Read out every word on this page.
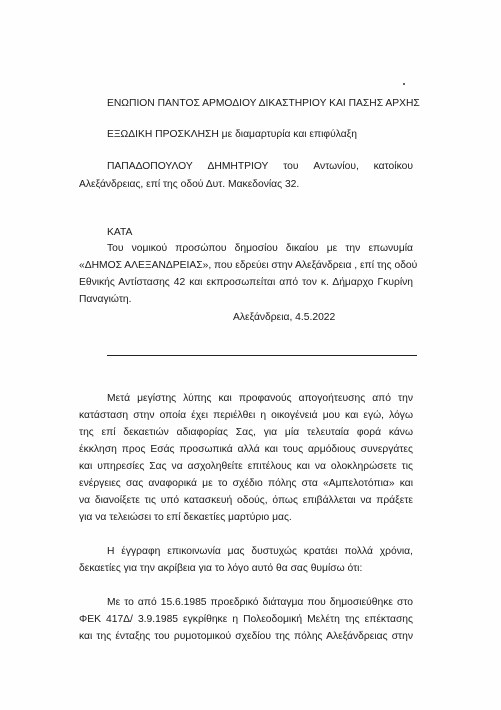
ΕΝΩΠΙΟΝ ΠΑΝΤΟΣ ΑΡΜΟΔΙΟΥ ΔΙΚΑΣΤΗΡΙΟΥ ΚΑΙ ΠΑΣΗΣ ΑΡΧΗΣ
ΕΞΩΔΙΚΗ ΠΡΟΣΚΛΗΣΗ με διαμαρτυρία και επιφύλαξη
ΠΑΠΑΔΟΠΟΥΛΟΥ ΔΗΜΗΤΡΙΟΥ του Αντωνίου, κατοίκου
Αλεξάνδρειας, επί της οδού Δυτ. Μακεδονίας 32.
ΚΑΤΑ
Του νομικού προσώπου δημοσίου δικαίου με την επωνυμία
«ΔΗΜΟΣ ΑΛΕΞΑΝΔΡΕΙΑΣ», που εδρεύει στην Αλεξάνδρεια , επί της οδού
Εθνικής Αντίστασης 42 και εκπροσωπείται από τον κ. Δήμαρχο Γκυρίνη
Παναγιώτη.
Αλεξάνδρεια, 4.5.2022
Μετά μεγίστης λύπης και προφανούς απογοήτευσης από την
κατάσταση στην οποία έχει περιέλθει η οικογένειά μου και εγώ, λόγω
της επί δεκαετιών αδιαφορίας Σας, για μία τελευταία φορά κάνω
έκκληση προς Εσάς προσωπικά αλλά και τους αρμόδιους συνεργάτες
και υπηρεσίες Σας να ασχοληθείτε επιτέλους και να ολοκληρώσετε τις
ενέργειες σας αναφορικά με το σχέδιο πόλης στα «Αμπελοτόπια» και
να διανοίξετε τις υπό κατασκευή οδούς, όπως επιβάλλεται να πράξετε
για να τελειώσει το επί δεκαετίες μαρτύριο μας.
Η έγγραφη επικοινωνία μας δυστυχώς κρατάει πολλά χρόνια,
δεκαετίες για την ακρίβεια για το λόγο αυτό θα σας θυμίσω ότι:
Με το από 15.6.1985 προεδρικό διάταγμα που δημοσιεύθηκε στο
ΦΕΚ 417Δ/ 3.9.1985 εγκρίθηκε η Πολεοδομική Μελέτη της επέκτασης
και της ένταξης του ρυμοτομικού σχεδίου της πόλης Αλεξάνδρειας στην
